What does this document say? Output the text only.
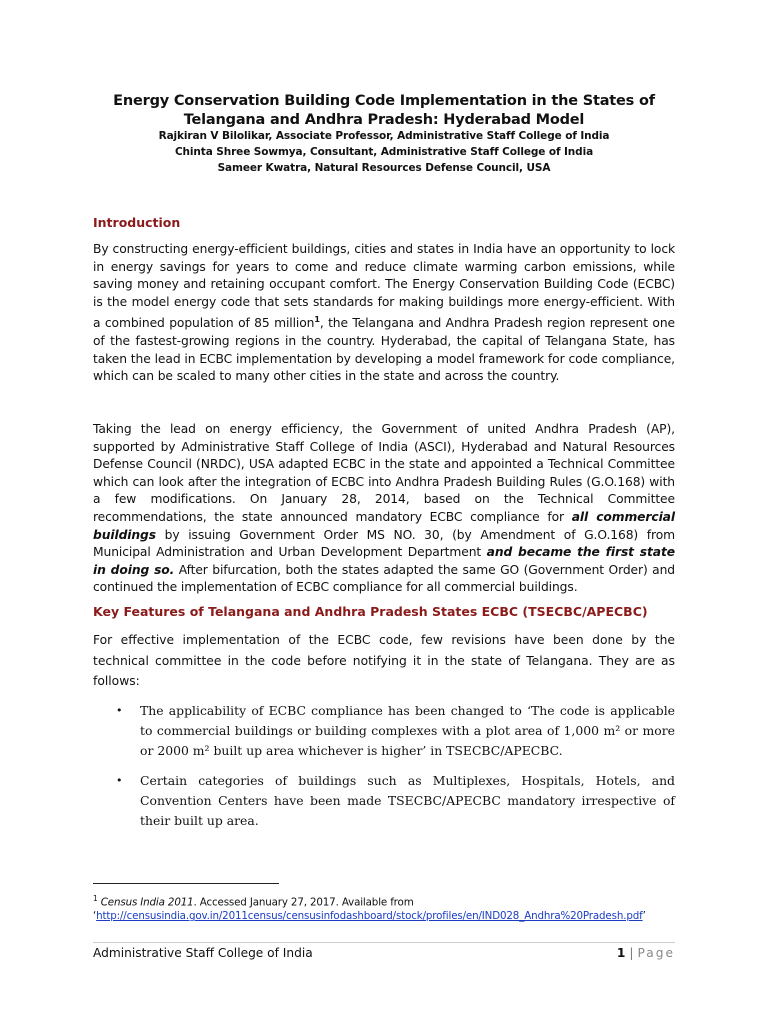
Energy Conservation Building Code Implementation in the States of
Telangana and Andhra Pradesh: Hyderabad Model
Rajkiran V Bilolikar, Associate Professor, Administrative Staff College of India
Chinta Shree Sowmya, Consultant, Administrative Staff College of India
Sameer Kwatra, Natural Resources Defense Council, USA
Introduction
By constructing energy-efficient buildings, cities and states in India have an opportunity to lock in energy savings for years to come and reduce climate warming carbon emissions, while saving money and retaining occupant comfort. The Energy Conservation Building Code (ECBC) is the model energy code that sets standards for making buildings more energy-efficient. With a combined population of 85 million$^1$, the Telangana and Andhra Pradesh region represent one of the fastest-growing regions in the country. Hyderabad, the capital of Telangana State, has taken the lead in ECBC implementation by developing a model framework for code compliance, which can be scaled to many other cities in the state and across the country.
Taking the lead on energy efficiency, the Government of united Andhra Pradesh (AP), supported by Administrative Staff College of India (ASCI), Hyderabad and Natural Resources Defense Council (NRDC), USA adapted ECBC in the state and appointed a Technical Committee which can look after the integration of ECBC into Andhra Pradesh Building Rules (G.O.168) with a few modifications. On January 28, 2014, based on the Technical Committee recommendations, the state announced mandatory ECBC compliance for all commercial buildings by issuing Government Order MS NO. 30, (by Amendment of G.O.168) from Municipal Administration and Urban Development Department and became the first state in doing so. After bifurcation, both the states adapted the same GO (Government Order) and continued the implementation of ECBC compliance for all commercial buildings.
Key Features of Telangana and Andhra Pradesh States ECBC (TSECBC/APECBC)
For effective implementation of the ECBC code, few revisions have been done by the technical committee in the code before notifying it in the state of Telangana. They are as follows:
• The applicability of ECBC compliance has been changed to ‘The code is applicable to commercial buildings or building complexes with a plot area of 1,000 m² or more or 2000 m² built up area whichever is higher’ in TSECBC/APECBC.
• Certain categories of buildings such as Multiplexes, Hospitals, Hotels, and Convention Centers have been made TSECBC/APECBC mandatory irrespective of their built up area.
$^1$ Census India 2011. Accessed January 27, 2017. Available from
‘http://censusindia.gov.in/2011census/censusinfodashboard/stock/profiles/en/IND028_Andhra%20Pradesh.pdf’
Administrative Staff College of India	1 | Page
